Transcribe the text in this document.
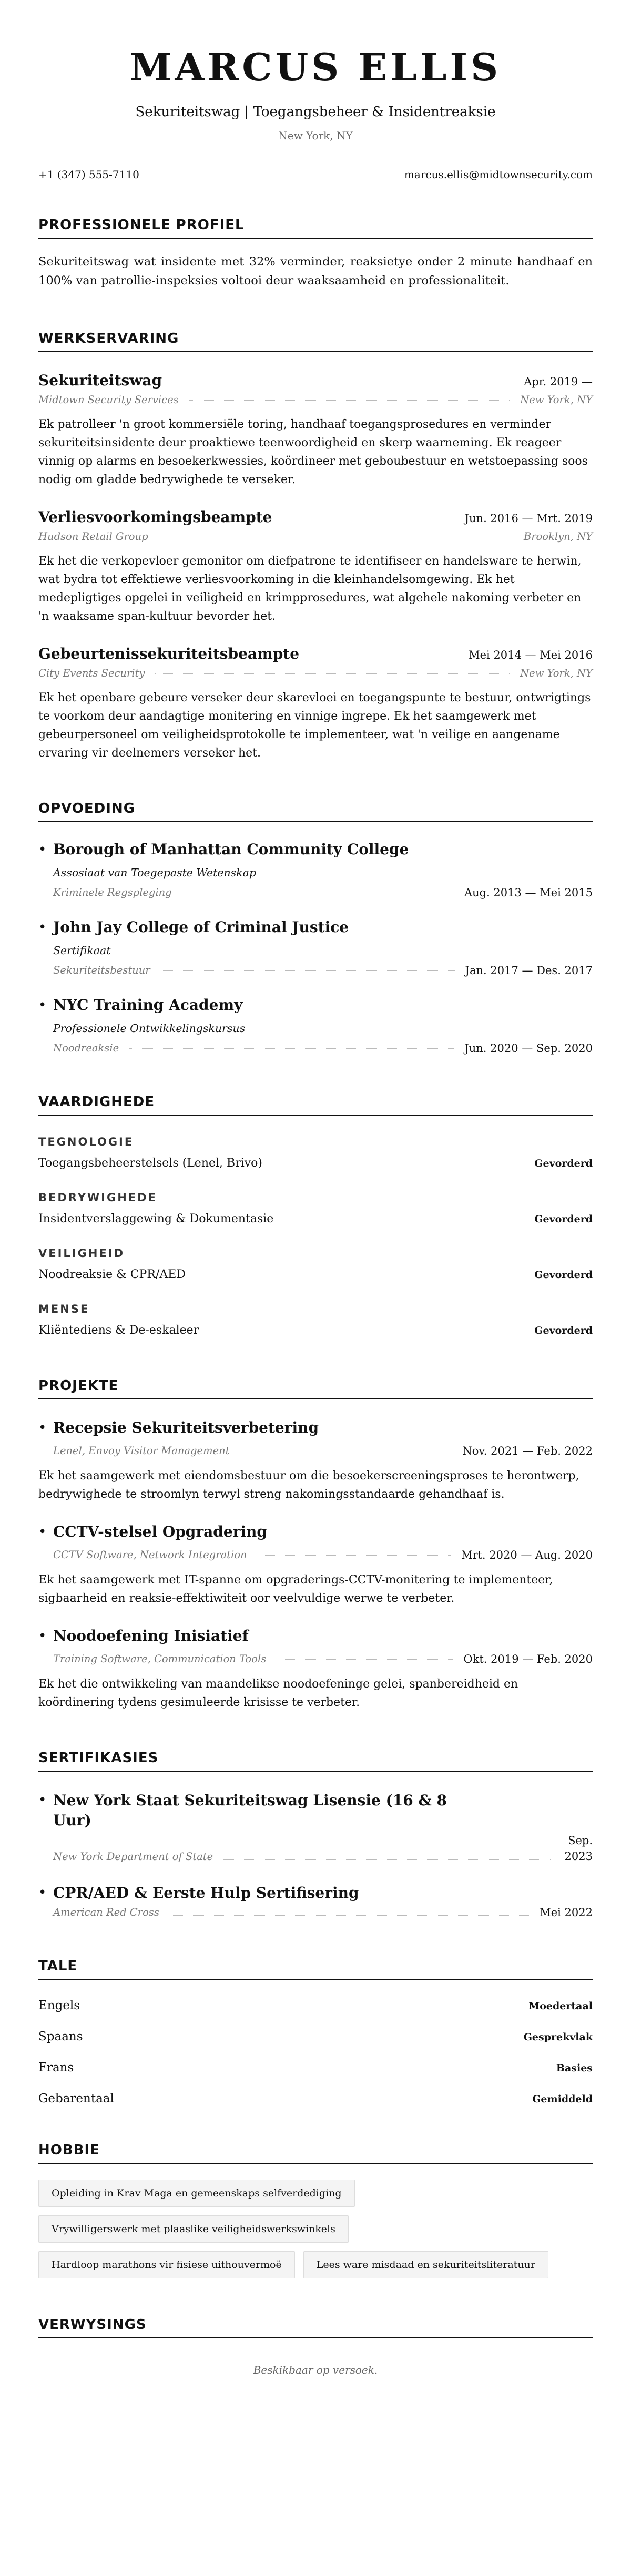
MARCUS ELLIS
Sekuriteitswag | Toegangsbeheer & Insidentreaksie
New York, NY
+1 (347) 555-7110	marcus.ellis@midtownsecurity.com
PROFESSIONELE PROFIEL

Sekuriteitswag wat insidente met 32% verminder, reaksietye onder 2 minute handhaaf en 100% van patrollie-inspeksies voltooi deur waaksaamheid en professionaliteit.

WERKSERVARING
Sekuriteitswag	Apr. 2019 —
Midtown Security Services	New York, NY

Ek patrolleer 'n groot kommersiële toring, handhaaf toegangsprosedures en verminder sekuriteitsinsidente deur proaktiewe teenwoordigheid en skerp waarneming. Ek reageer vinnig op alarms en besoekerkwessies, koördineer met geboubestuur en wetstoepassing soos nodig om gladde bedrywighede te verseker.

Verliesvoorkomingsbeampte	Jun. 2016 — Mrt. 2019
Hudson Retail Group	Brooklyn, NY

Ek het die verkopevloer gemonitor om diefpatrone te identifiseer en handelsware te herwin, wat bydra tot effektiewe verliesvoorkoming in die kleinhandelsomgewing. Ek het medepligtiges opgelei in veiligheid en krimpprosedures, wat algehele nakoming verbeter en 'n waaksame span-kultuur bevorder het.

Gebeurtenissekuriteitsbeampte	Mei 2014 — Mei 2016
City Events Security	New York, NY

Ek het openbare gebeure verseker deur skarevloei en toegangspunte te bestuur, ontwrigtings te voorkom deur aandagtige monitering en vinnige ingrepe. Ek het saamgewerk met gebeurpersoneel om veiligheidsprotokolle te implementeer, wat 'n veilige en aangename ervaring vir deelnemers verseker het.

OPVOEDING
• Borough of Manhattan Community College
Assosiaat van Toegepaste Wetenskap
Kriminele Regspleging	Aug. 2013 — Mei 2015
• John Jay College of Criminal Justice
Sertifikaat
Sekuriteitsbestuur	Jan. 2017 — Des. 2017
• NYC Training Academy
Professionele Ontwikkelingskursus
Noodreaksie	Jun. 2020 — Sep. 2020
VAARDIGHEDE
TEGNOLOGIE
Toegangsbeheerstelsels (Lenel, Brivo)	Gevorderd
BEDRYWIGHEDE
Insidentverslaggewing & Dokumentasie	Gevorderd
VEILIGHEID
Noodreaksie & CPR/AED	Gevorderd
MENSE
Kliëntediens & De-eskaleer	Gevorderd
PROJEKTE
• Recepsie Sekuriteitsverbetering
Lenel, Envoy Visitor Management	Nov. 2021 — Feb. 2022

Ek het saamgewerk met eiendomsbestuur om die besoekerscreeningsproses te herontwerp, bedrywighede te stroomlyn terwyl streng nakomingsstandaarde gehandhaaf is.

• CCTV-stelsel Opgradering
CCTV Software, Network Integration	Mrt. 2020 — Aug. 2020

Ek het saamgewerk met IT-spanne om opgraderings-CCTV-monitering te implementeer, sigbaarheid en reaksie-effektiwiteit oor veelvuldige werwe te verbeter.

• Noodoefening Inisiatief
Training Software, Communication Tools	Okt. 2019 — Feb. 2020

Ek het die ontwikkeling van maandelikse noodoefeninge gelei, spanbereidheid en koördinering tydens gesimuleerde krisisse te verbeter.

SERTIFIKASIES
• New York Staat Sekuriteitswag Lisensie (16 & 8 Uur)
New York Department of State
Sep. 2023
• CPR/AED & Eerste Hulp Sertifisering
American Red Cross	Mei 2022
TALE
Engels	Moedertaal
Spaans	Gesprekvlak
Frans	Basies
Gebarentaal	Gemiddeld
HOBBIE
Opleiding in Krav Maga en gemeenskaps selfverdediging
Vrywilligerswerk met plaaslike veiligheidswerkswinkels
Hardloop marathons vir fisiese uithouvermoë	Lees ware misdaad en sekuriteitsliteratuur
VERWYSINGS
Beskikbaar op versoek.
